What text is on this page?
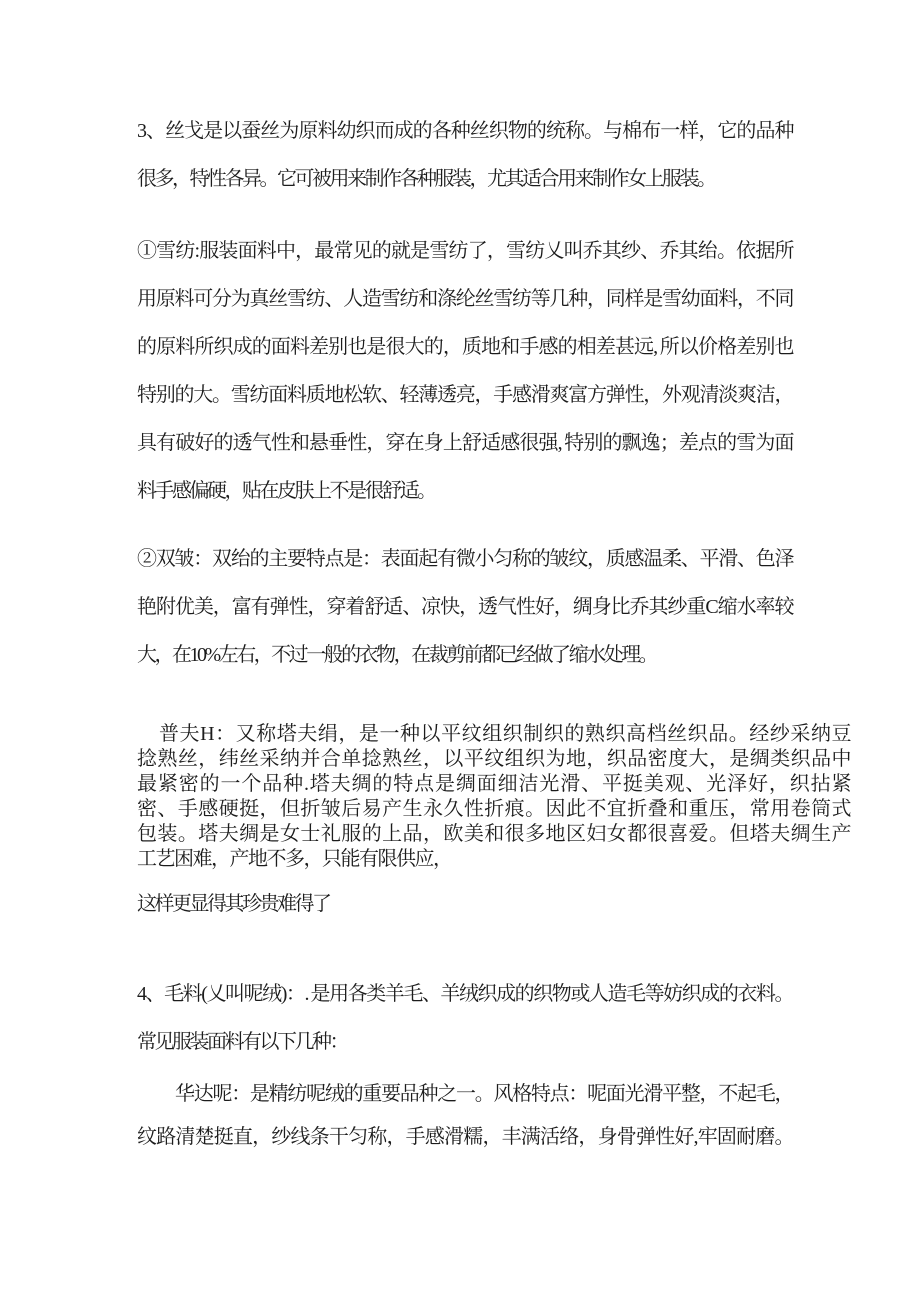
3、丝戈是以蚕丝为原料幼织而成的各种丝织物的统称。与棉布一样，它的品种
很多，特性各异。它可被用来制作各种服装，尤其适合用来制作女上服装。
①雪纺:服装面料中，最常见的就是雪纺了，雪纺乂叫乔其纱、乔其绐。依据所
用原料可分为真丝雪纺、人造雪纺和涤纶丝雪纺等几种，同样是雪幼面料，不同
的原料所织成的面料差别也是很大的，质地和手感的相差甚远, 所以价格差别也
特别的大。雪纺面料质地松软、轻薄透亮，手感滑爽富方弹性，外观清淡爽洁，
具有破好的透气性和悬垂性，穿在身上舒适感很强, 特别的飘逸；差点的雪为面
料手感偏硬，贴在皮肤上不是很舒适。
②双皱：双绐的主要特点是：表面起有微小匀称的皱纹，质感温柔、平滑、色泽
艳附优美，富有弹性，穿着舒适、凉快，透气性好，绸身比乔其纱重C缩水率较
大，在10%左右，不过一般的衣物，在裁剪前都已经做了缩水处理。
普夫H：又称塔夫绢，是一种以平纹组织制织的熟织高档丝织品。经纱采纳豆
捻熟丝，纬丝采纳并合单捻熟丝，以平纹组织为地，织品密度大，是绸类织品中
最紧密的一个品种.塔夫绸的特点是绸面细洁光滑、平挺美观、光泽好，织拈紧
密、手感硬挺，但折皱后易产生永久性折痕。因此不宜折叠和重压，常用卷筒式
包装。塔夫绸是女士礼服的上品，欧美和很多地区妇女都很喜爱。但塔夫绸生产
工艺困难，产地不多，只能有限供应，
这样更显得其珍贵难得了
4、毛料(乂叫呢绒)：. 是用各类羊毛、羊绒织成的织物或人造毛等妨织成的衣料。
常见服装面料有以下几种：
华达呢：是精纺呢绒的重要品种之一。风格特点：呢面光滑平整，不起毛，
纹路清楚挺直，纱线条干匀称，手感滑糯，丰满活络，身骨弹性好,牢固耐磨。
